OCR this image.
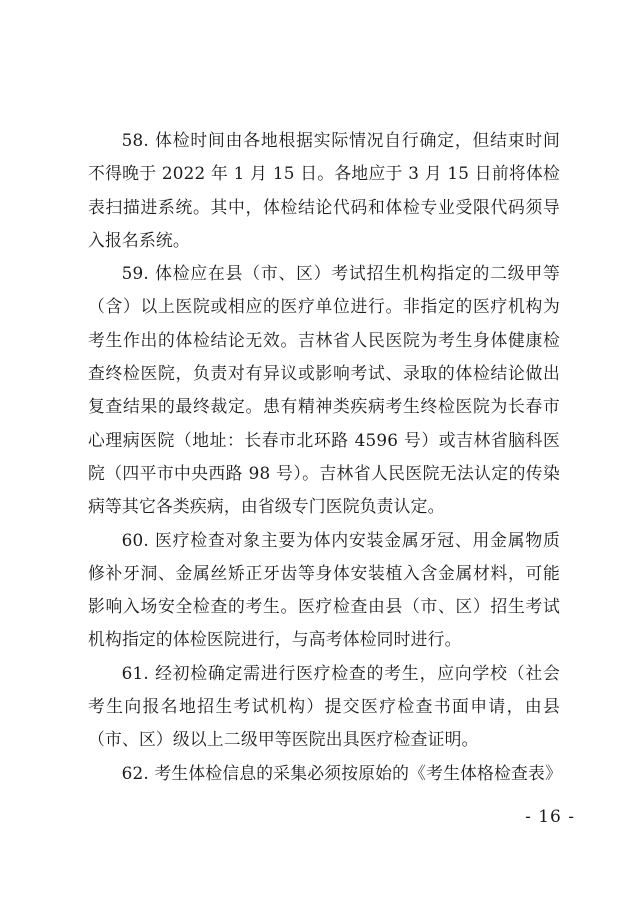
58. 体检时间由各地根据实际情况自行确定，但结束时间不得晚于 2022 年 1 月 15 日。各地应于 3 月 15 日前将体检表扫描进系统。其中，体检结论代码和体检专业受限代码须导入报名系统。

59. 体检应在县（市、区）考试招生机构指定的二级甲等（含）以上医院或相应的医疗单位进行。非指定的医疗机构为考生作出的体检结论无效。吉林省人民医院为考生身体健康检查终检医院，负责对有异议或影响考试、录取的体检结论做出复查结果的最终裁定。患有精神类疾病考生终检医院为长春市心理病医院（地址：长春市北环路 4596 号）或吉林省脑科医院（四平市中央西路 98 号）。吉林省人民医院无法认定的传染病等其它各类疾病，由省级专门医院负责认定。

60. 医疗检查对象主要为体内安装金属牙冠、用金属物质修补牙洞、金属丝矫正牙齿等身体安装植入含金属材料，可能影响入场安全检查的考生。医疗检查由县（市、区）招生考试机构指定的体检医院进行，与高考体检同时进行。

61. 经初检确定需进行医疗检查的考生，应向学校（社会考生向报名地招生考试机构）提交医疗检查书面申请，由县（市、区）级以上二级甲等医院出具医疗检查证明。

62. 考生体检信息的采集必须按原始的《考生体格检查表》

- 16 -
